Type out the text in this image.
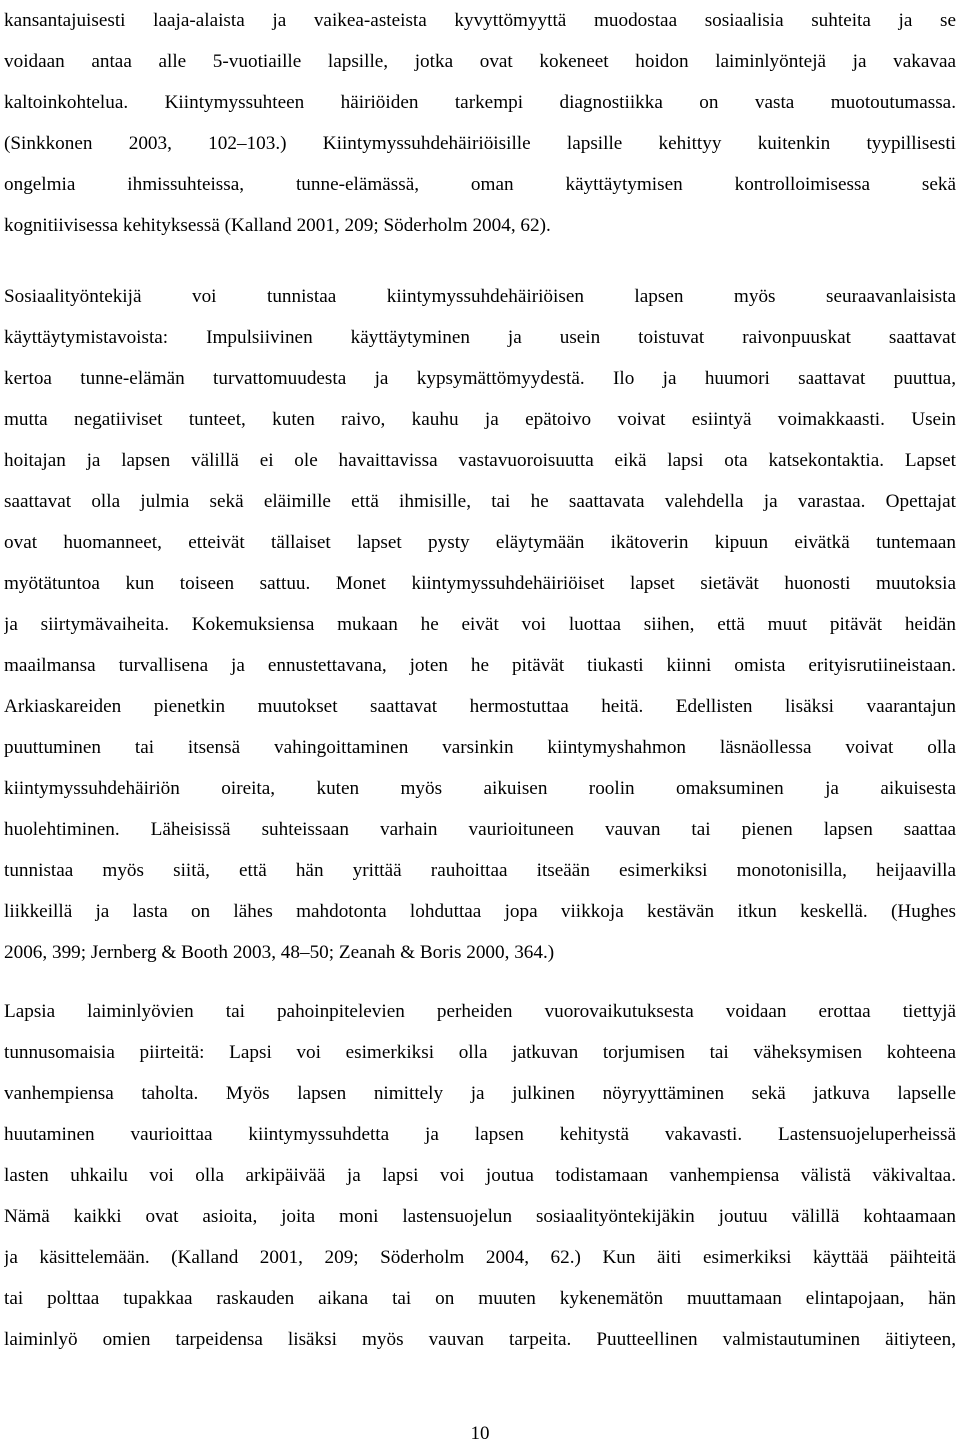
kansantajuisesti laaja-alaista ja vaikea-asteista kyvyttömyyttä muodostaa sosiaalisia suhteita ja se
voidaan antaa alle 5-vuotiaille lapsille, jotka ovat kokeneet hoidon laiminlyöntejä ja vakavaa
kaltoinkohtelua. Kiintymyssuhteen häiriöiden tarkempi diagnostiikka on vasta muotoutumassa.
(Sinkkonen 2003, 102–103.) Kiintymyssuhdehäiriöisille lapsille kehittyy kuitenkin tyypillisesti
ongelmia ihmissuhteissa, tunne-elämässä, oman käyttäytymisen kontrolloimisessa sekä
kognitiivisessa kehityksessä (Kalland 2001, 209; Söderholm 2004, 62).
Sosiaalityöntekijä voi tunnistaa kiintymyssuhdehäiriöisen lapsen myös seuraavanlaisista
käyttäytymistavoista: Impulsiivinen käyttäytyminen ja usein toistuvat raivonpuuskat saattavat
kertoa tunne-elämän turvattomuudesta ja kypsymättömyydestä. Ilo ja huumori saattavat puuttua,
mutta negatiiviset tunteet, kuten raivo, kauhu ja epätoivo voivat esiintyä voimakkaasti. Usein
hoitajan ja lapsen välillä ei ole havaittavissa vastavuoroisuutta eikä lapsi ota katsekontaktia. Lapset
saattavat olla julmia sekä eläimille että ihmisille, tai he saattavata valehdella ja varastaa. Opettajat
ovat huomanneet, etteivät tällaiset lapset pysty eläytymään ikätoverin kipuun eivätkä tuntemaan
myötätuntoa kun toiseen sattuu. Monet kiintymyssuhdehäiriöiset lapset sietävät huonosti muutoksia
ja siirtymävaiheita. Kokemuksiensa mukaan he eivät voi luottaa siihen, että muut pitävät heidän
maailmansa turvallisena ja ennustettavana, joten he pitävät tiukasti kiinni omista erityisrutiineistaan.
Arkiaskareiden pienetkin muutokset saattavat hermostuttaa heitä. Edellisten lisäksi vaarantajun
puuttuminen tai itsensä vahingoittaminen varsinkin kiintymyshahmon läsnäollessa voivat olla
kiintymyssuhdehäiriön oireita, kuten myös aikuisen roolin omaksuminen ja aikuisesta
huolehtiminen. Läheisissä suhteissaan varhain vaurioituneen vauvan tai pienen lapsen saattaa
tunnistaa myös siitä, että hän yrittää rauhoittaa itseään esimerkiksi monotonisilla, heijaavilla
liikkeillä ja lasta on lähes mahdotonta lohduttaa jopa viikkoja kestävän itkun keskellä. (Hughes
2006, 399; Jernberg & Booth 2003, 48–50; Zeanah & Boris 2000, 364.)
Lapsia laiminlyövien tai pahoinpitelevien perheiden vuorovaikutuksesta voidaan erottaa tiettyjä
tunnusomaisia piirteitä: Lapsi voi esimerkiksi olla jatkuvan torjumisen tai väheksymisen kohteena
vanhempiensa taholta. Myös lapsen nimittely ja julkinen nöyryyttäminen sekä jatkuva lapselle
huutaminen vaurioittaa kiintymyssuhdetta ja lapsen kehitystä vakavasti. Lastensuojeluperheissä
lasten uhkailu voi olla arkipäivää ja lapsi voi joutua todistamaan vanhempiensa välistä väkivaltaa.
Nämä kaikki ovat asioita, joita moni lastensuojelun sosiaalityöntekijäkin joutuu välillä kohtaamaan
ja käsittelemään. (Kalland 2001, 209; Söderholm 2004, 62.) Kun äiti esimerkiksi käyttää päihteitä
tai polttaa tupakkaa raskauden aikana tai on muuten kykenemätön muuttamaan elintapojaan, hän
laiminlyö omien tarpeidensa lisäksi myös vauvan tarpeita. Puutteellinen valmistautuminen äitiyteen,
10
